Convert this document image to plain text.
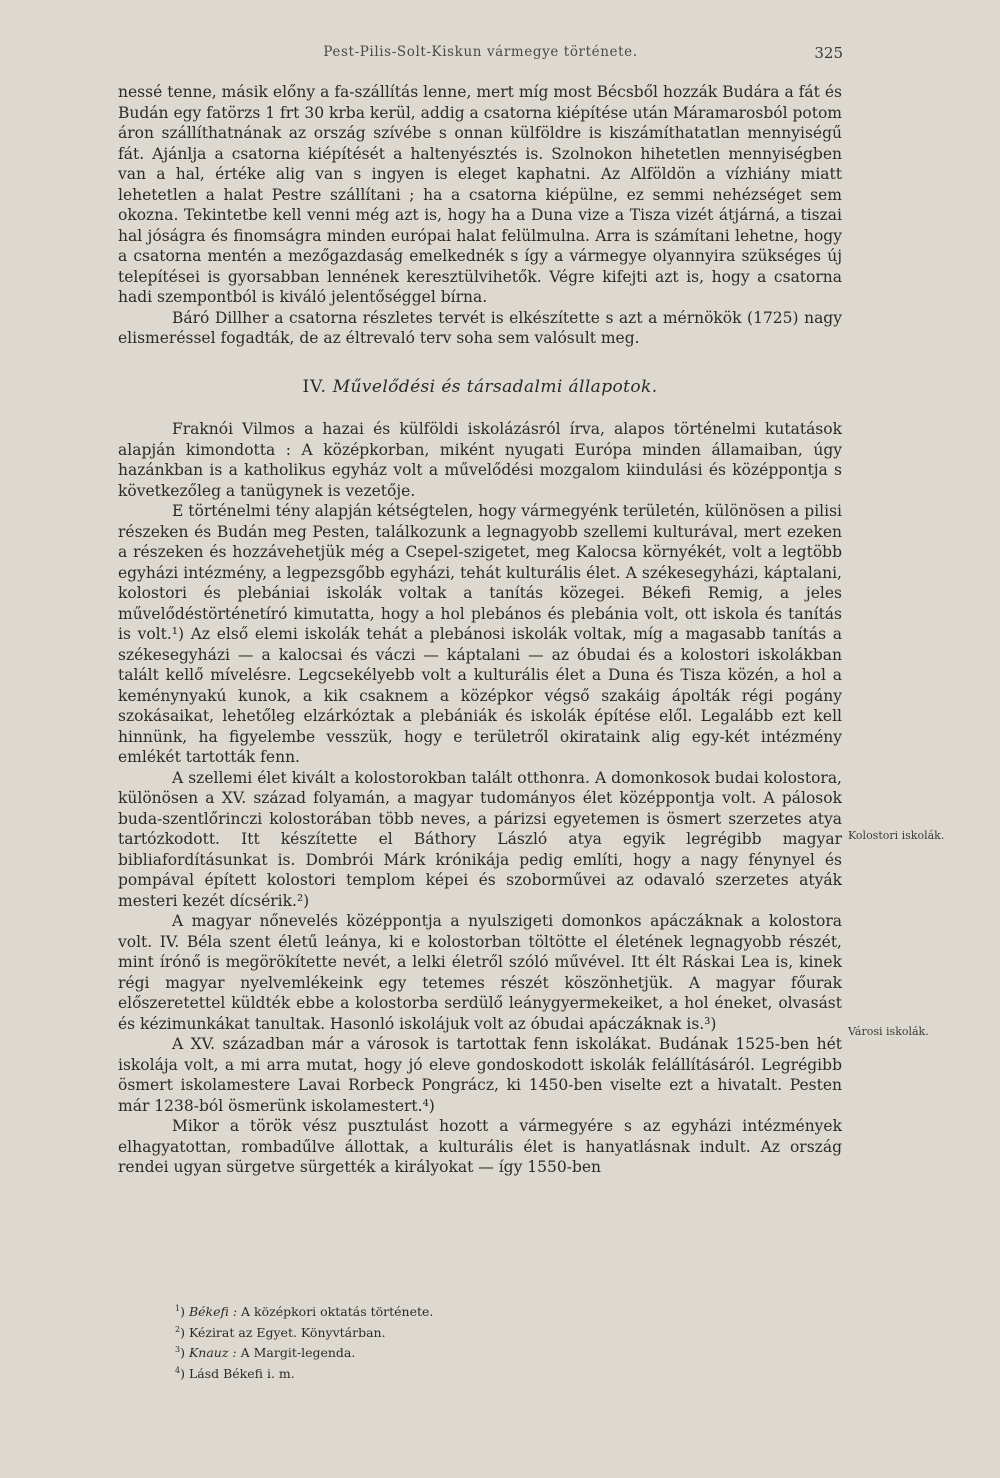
Pest-Pilis-Solt-Kiskun vármegye története.	325

nessé tenne, másik előny a fa-szállítás lenne, mert míg most Bécsből hozzák Budára a fát és Budán egy fatörzs 1 frt 30 krba kerül, addig a csatorna kiépítése után Máramarosból potom áron szállíthatnának az ország szívébe s onnan külföldre is kiszámíthatatlan mennyiségű fát. Ajánlja a csatorna kiépítését a haltenyésztés is. Szolnokon hihetetlen mennyiségben van a hal, értéke alig van s ingyen is eleget kaphatni. Az Alföldön a vízhiány miatt lehetetlen a halat Pestre szállítani ; ha a csatorna kiépülne, ez semmi nehézséget sem okozna. Tekintetbe kell venni még azt is, hogy ha a Duna vize a Tisza vizét átjárná, a tiszai hal jóságra és finomságra minden európai halat felülmulna. Arra is számítani lehetne, hogy a csatorna mentén a mezőgazdaság emelkednék s így a vármegye olyannyira szükséges új telepítései is gyorsabban lennének keresztülvihetők. Végre kifejti azt is, hogy a csatorna hadi szempontból is kiváló jelentőséggel bírna.

Báró Dillher a csatorna részletes tervét is elkészítette s azt a mérnökök (1725) nagy elismeréssel fogadták, de az éltrevaló terv soha sem valósult meg.

IV. Művelődési és társadalmi állapotok.

Fraknói Vilmos a hazai és külföldi iskolázásról írva, alapos történelmi kutatások alapján kimondotta : A középkorban, miként nyugati Európa minden államaiban, úgy hazánkban is a katholikus egyház volt a művelődési mozgalom kiindulási és középpontja s következőleg a tanügynek is vezetője.

E történelmi tény alapján kétségtelen, hogy vármegyénk területén, különösen a pilisi részeken és Budán meg Pesten, találkozunk a legnagyobb szellemi kulturával, mert ezeken a részeken és hozzávehetjük még a Csepel-szigetet, meg Kalocsa környékét, volt a legtöbb egyházi intézmény, a legpezsgőbb egyházi, tehát kulturális élet. A székesegyházi, káptalani, kolostori és plebániai iskolák voltak a tanítás közegei. Békefi Remig, a jeles művelődéstörténetíró kimutatta, hogy a hol plebános és plebánia volt, ott iskola és tanítás is volt.¹) Az első elemi iskolák tehát a plebánosi iskolák voltak, míg a magasabb tanítás a székesegyházi — a kalocsai és váczi — káptalani — az óbudai és a kolostori iskolákban talált kellő mívelésre. Legcsekélyebb volt a kulturális élet a Duna és Tisza közén, a hol a keménynyakú kunok, a kik csaknem a középkor végső szakáig ápolták régi pogány szokásaikat, lehetőleg elzárkóztak a plebániák és iskolák építése elől. Legalább ezt kell hinnünk, ha figyelembe vesszük, hogy e területről okirataink alig egy-két intézmény emlékét tartották fenn.

A szellemi élet kivált a kolostorokban talált otthonra. A domonkosok budai kolostora, különösen a XV. század folyamán, a magyar tudományos élet középpontja volt. A pálosok buda-szentlőrinczi kolostorában több neves, a párizsi egyetemen is ösmert szerzetes atya tartózkodott. Itt készítette el Báthory László atya egyik legrégibb magyar bibliafordításunkat is. Dombrói Márk krónikája pedig említi, hogy a nagy fénynyel és pompával épített kolostori templom képei és szoborművei az odavaló szerzetes atyák mesteri kezét dícsérik.²)

A magyar nőnevelés középpontja a nyulszigeti domonkos apáczáknak a kolostora volt. IV. Béla szent életű leánya, ki e kolostorban töltötte el életének legnagyobb részét, mint írónő is megörökítette nevét, a lelki életről szóló művével. Itt élt Ráskai Lea is, kinek régi magyar nyelvemlékeink egy tetemes részét köszönhetjük. A magyar főurak előszeretettel küldték ebbe a kolostorba serdülő leánygyermekeiket, a hol éneket, olvasást és kézimunkákat tanultak. Hasonló iskolájuk volt az óbudai apáczáknak is.³)

A XV. században már a városok is tartottak fenn iskolákat. Budának 1525-ben hét iskolája volt, a mi arra mutat, hogy jó eleve gondoskodott iskolák felállításáról. Legrégibb ösmert iskolamestere Lavai Rorbeck Pongrácz, ki 1450-ben viselte ezt a hivatalt. Pesten már 1238-ból ösmerünk iskolamestert.⁴)

Mikor a török vész pusztulást hozott a vármegyére s az egyházi intézmények elhagyatottan, rombadűlve állottak, a kulturális élet is hanyatlásnak indult. Az ország rendei ugyan sürgetve sürgették a királyokat — így 1550-ben

Kolostori iskolák.
Városi iskolák.
$^1$) Békefi : A középkori oktatás története.
$^2$) Kézirat az Egyet. Könyvtárban.
$^3$) Knauz : A Margit-legenda.
$^4$) Lásd Békefi i. m.
